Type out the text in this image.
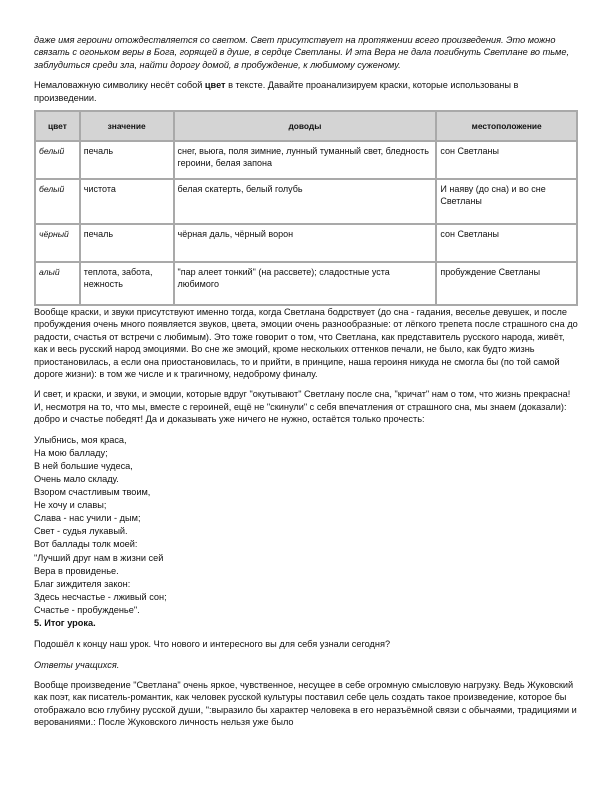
даже имя героини отождествляется со светом. Свет присутствует на протяжении всего произведения. Это можно связать с огоньком веры в Бога, горящей в душе, в сердце Светланы. И эта Вера не дала погибнуть Светлане во тьме, заблудиться среди зла, найти дорогу домой, в пробуждение, к любимому суженому.

Немаловажную символику несёт собой цвет в тексте. Давайте проанализируем краски, которые использованы в произведении.

цвет	значение	доводы	местоположение
белый	печаль	снег, вьюга, поля зимние, лунный туманный свет, бледность героини, белая запона	сон Светланы
белый	чистота	белая скатерть, белый голубь	И наяву (до сна) и во сне Светланы
чёрный	печаль	чёрная даль, чёрный ворон	сон Светланы
алый	теплота, забота, нежность	"пар алеет тонкий" (на рассвете); сладостные уста любимого	пробуждение Светланы

Вообще краски, и звуки присутствуют именно тогда, когда Светлана бодрствует (до сна - гадания, веселье девушек, и после пробуждения очень много появляется звуков, цвета, эмоции очень разнообразные: от лёгкого трепета после страшного сна до радости, счастья от встречи с любимым). Это тоже говорит о том, что Светлана, как представитель русского народа, живёт, как и весь русский народ эмоциями. Во сне же эмоций, кроме нескольких оттенков печали, не было, как будто жизнь приостановилась, а если она приостановилась, то и прийти, в принципе, наша героиня никуда не смогла бы (по той самой дороге жизни): в том же числе и к трагичному, недоброму финалу.

И свет, и краски, и звуки, и эмоции, которые вдруг "окутывают" Светлану после сна, "кричат" нам о том, что жизнь прекрасна! И, несмотря на то, что мы, вместе с героиней, ещё не "скинули" с себя впечатления от страшного сна, мы знаем (доказали): добро и счастье победят! Да и доказывать уже ничего не нужно, остаётся только прочесть:

Улыбнись, моя краса,
На мою балладу;
В ней большие чудеса,
Очень мало складу.
Взором счастливым твоим,
Не хочу и славы;
Слава - нас учили - дым;
Свет - судья лукавый.
Вот баллады толк моей:
"Лучший друг нам в жизни сей
Вера в провиденье.
Благ зиждителя закон:
Здесь несчастье - лживый сон;
Счастье - пробужденье".
5. Итог урока.

Подошёл к концу наш урок. Что нового и интересного вы для себя узнали сегодня?

Ответы учащихся.

Вообще произведение "Светлана" очень яркое, чувственное, несущее в себе огромную смысловую нагрузку. Ведь Жуковский как поэт, как писатель-романтик, как человек русской культуры поставил себе цель создать такое произведение, которое бы отображало всю глубину русской души, ":выразило бы характер человека в его неразъёмной связи с обычаями, традициями и верованиями.: После Жуковского личность нельзя уже было
